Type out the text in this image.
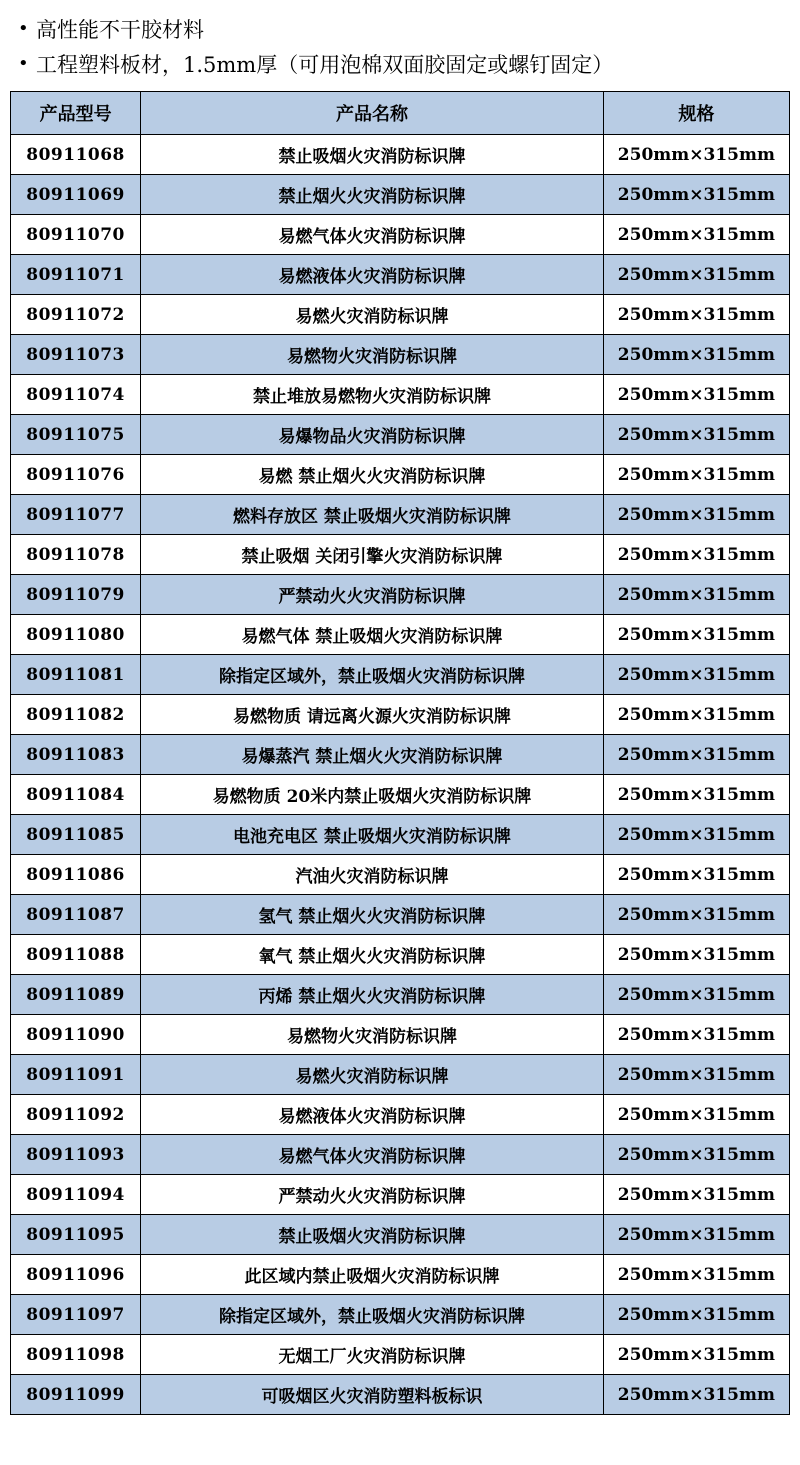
• 高性能不干胶材料
• 工程塑料板材，1.5mm厚（可用泡棉双面胶固定或螺钉固定）
产品型号	产品名称	规格
80911068	禁止吸烟火灾消防标识牌	250mm×315mm
80911069	禁止烟火火灾消防标识牌	250mm×315mm
80911070	易燃气体火灾消防标识牌	250mm×315mm
80911071	易燃液体火灾消防标识牌	250mm×315mm
80911072	易燃火灾消防标识牌	250mm×315mm
80911073	易燃物火灾消防标识牌	250mm×315mm
80911074	禁止堆放易燃物火灾消防标识牌	250mm×315mm
80911075	易爆物品火灾消防标识牌	250mm×315mm
80911076	易燃 禁止烟火火灾消防标识牌	250mm×315mm
80911077	燃料存放区 禁止吸烟火灾消防标识牌	250mm×315mm
80911078	禁止吸烟 关闭引擎火灾消防标识牌	250mm×315mm
80911079	严禁动火火灾消防标识牌	250mm×315mm
80911080	易燃气体 禁止吸烟火灾消防标识牌	250mm×315mm
80911081	除指定区域外，禁止吸烟火灾消防标识牌	250mm×315mm
80911082	易燃物质 请远离火源火灾消防标识牌	250mm×315mm
80911083	易爆蒸汽 禁止烟火火灾消防标识牌	250mm×315mm
80911084	易燃物质 20米内禁止吸烟火灾消防标识牌	250mm×315mm
80911085	电池充电区 禁止吸烟火灾消防标识牌	250mm×315mm
80911086	汽油火灾消防标识牌	250mm×315mm
80911087	氢气 禁止烟火火灾消防标识牌	250mm×315mm
80911088	氧气 禁止烟火火灾消防标识牌	250mm×315mm
80911089	丙烯 禁止烟火火灾消防标识牌	250mm×315mm
80911090	易燃物火灾消防标识牌	250mm×315mm
80911091	易燃火灾消防标识牌	250mm×315mm
80911092	易燃液体火灾消防标识牌	250mm×315mm
80911093	易燃气体火灾消防标识牌	250mm×315mm
80911094	严禁动火火灾消防标识牌	250mm×315mm
80911095	禁止吸烟火灾消防标识牌	250mm×315mm
80911096	此区域内禁止吸烟火灾消防标识牌	250mm×315mm
80911097	除指定区域外，禁止吸烟火灾消防标识牌	250mm×315mm
80911098	无烟工厂火灾消防标识牌	250mm×315mm
80911099	可吸烟区火灾消防塑料板标识	250mm×315mm
